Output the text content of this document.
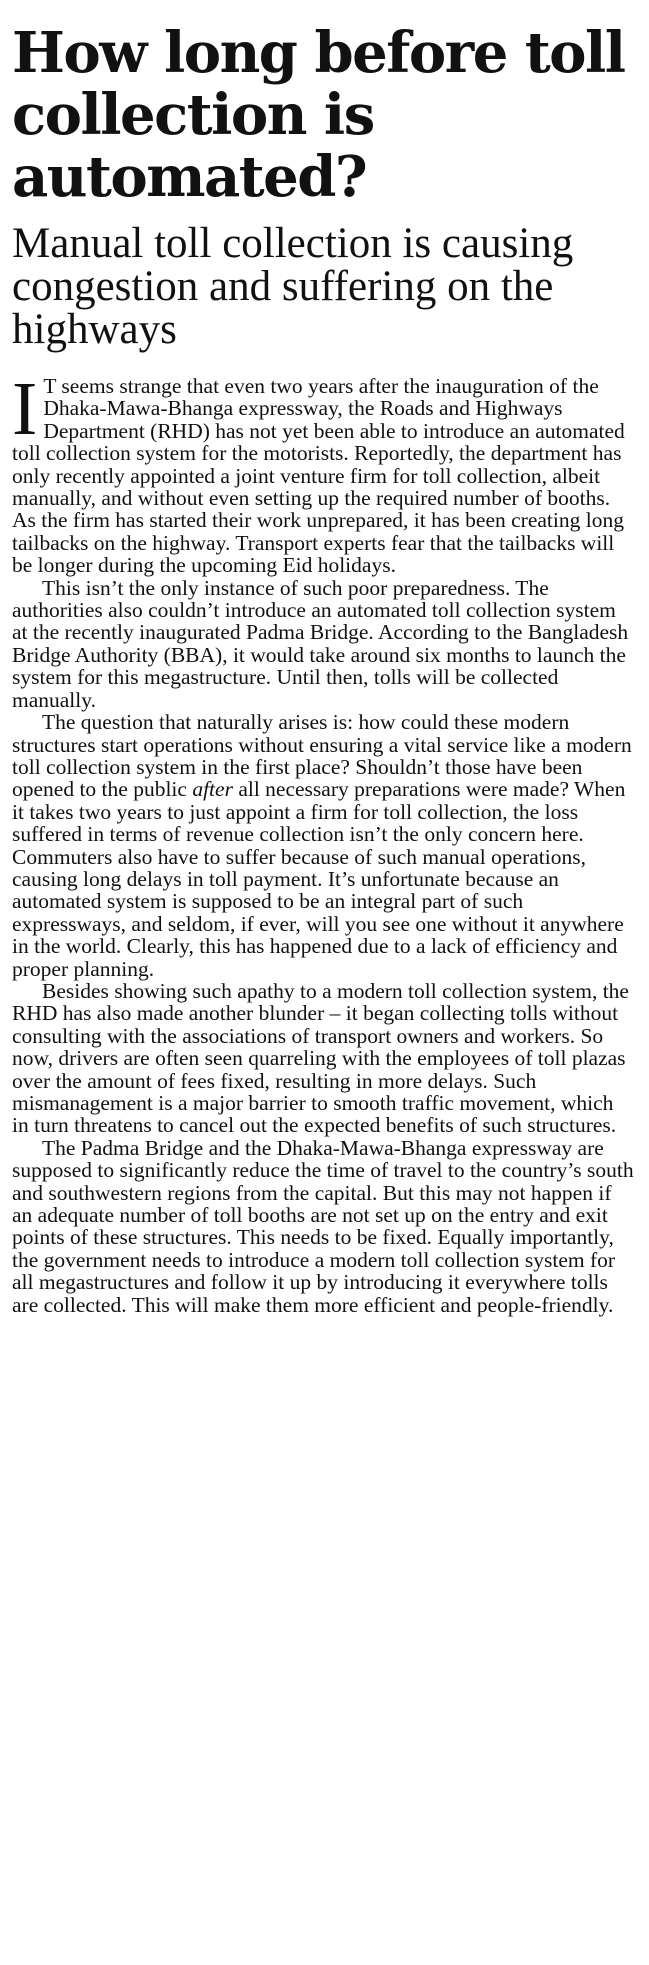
How long before toll collection is automated?
Manual toll collection is causing congestion and suffering on the highways

I T seems strange that even two years after the inauguration of the Dhaka-Mawa-Bhanga expressway, the Roads and Highways Department (RHD) has not yet been able to introduce an automated toll collection system for the motorists. Reportedly, the department has only recently appointed a joint venture firm for toll collection, albeit manually, and without even setting up the required number of booths. As the firm has started their work unprepared, it has been creating long tailbacks on the highway. Transport experts fear that the tailbacks will be longer during the upcoming Eid holidays.

This isn’t the only instance of such poor preparedness. The authorities also couldn’t introduce an automated toll collection system at the recently inaugurated Padma Bridge. According to the Bangladesh Bridge Authority (BBA), it would take around six months to launch the system for this megastructure. Until then, tolls will be collected manually.

The question that naturally arises is: how could these modern structures start operations without ensuring a vital service like a modern toll collection system in the first place? Shouldn’t those have been opened to the public after all necessary preparations were made? When it takes two years to just appoint a firm for toll collection, the loss suffered in terms of revenue collection isn’t the only concern here. Commuters also have to suffer because of such manual operations, causing long delays in toll payment. It’s unfortunate because an automated system is supposed to be an integral part of such expressways, and seldom, if ever, will you see one without it anywhere in the world. Clearly, this has happened due to a lack of efficiency and proper planning.

Besides showing such apathy to a modern toll collection system, the RHD has also made another blunder – it began collecting tolls without consulting with the associations of transport owners and workers. So now, drivers are often seen quarreling with the employees of toll plazas over the amount of fees fixed, resulting in more delays. Such mismanagement is a major barrier to smooth traffic movement, which in turn threatens to cancel out the expected benefits of such structures.

The Padma Bridge and the Dhaka-Mawa-Bhanga expressway are supposed to significantly reduce the time of travel to the country’s south and southwestern regions from the capital. But this may not happen if an adequate number of toll booths are not set up on the entry and exit points of these structures. This needs to be fixed. Equally importantly, the government needs to introduce a modern toll collection system for all megastructures and follow it up by introducing it everywhere tolls are collected. This will make them more efficient and people-friendly.
